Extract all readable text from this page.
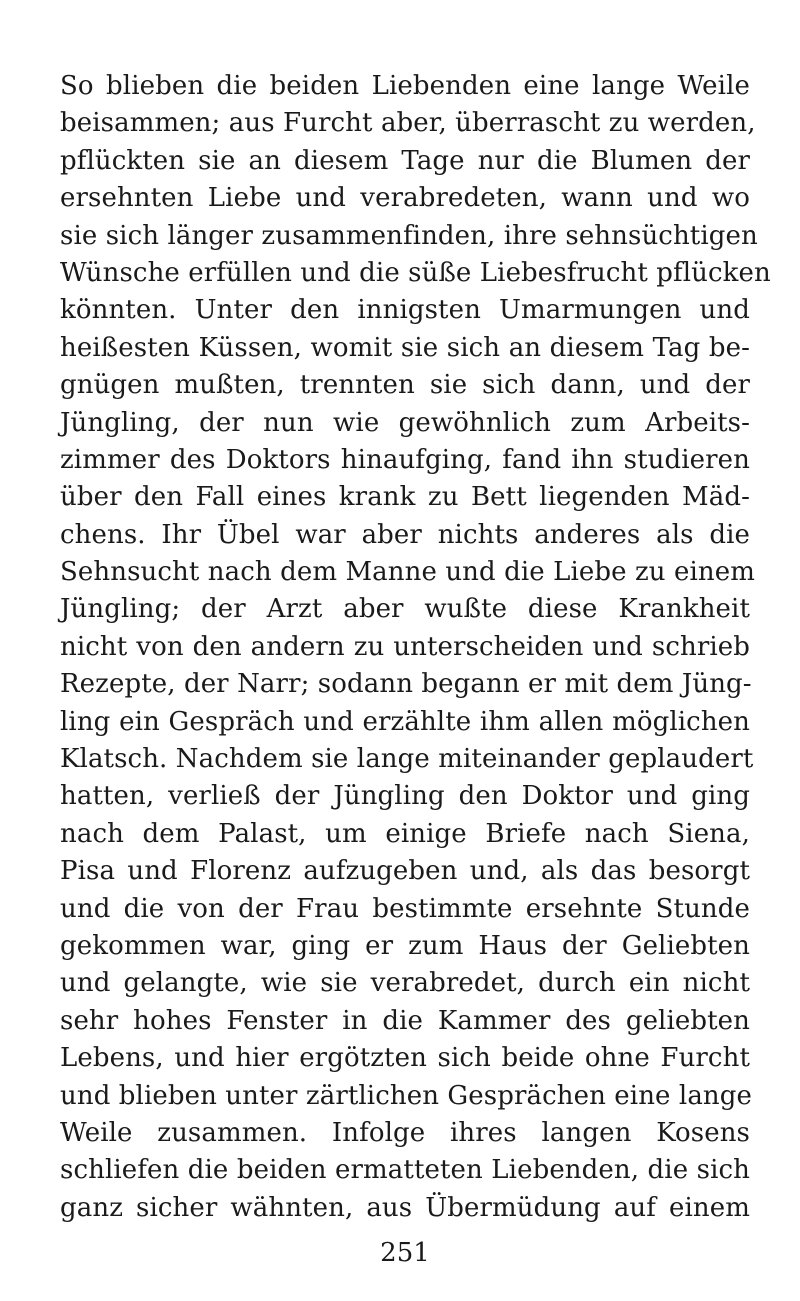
So blieben die beiden Liebenden eine lange Weile
beisammen; aus Furcht aber, überrascht zu werden,
pflückten sie an diesem Tage nur die Blumen der
ersehnten Liebe und verabredeten, wann und wo
sie sich länger zusammenfinden, ihre sehnsüchtigen
Wünsche erfüllen und die süße Liebesfrucht pflücken
könnten. Unter den innigsten Umarmungen und
heißesten Küssen, womit sie sich an diesem Tag be-
gnügen mußten, trennten sie sich dann, und der
Jüngling, der nun wie gewöhnlich zum Arbeits-
zimmer des Doktors hinaufging, fand ihn studieren
über den Fall eines krank zu Bett liegenden Mäd-
chens. Ihr Übel war aber nichts anderes als die
Sehnsucht nach dem Manne und die Liebe zu einem
Jüngling; der Arzt aber wußte diese Krankheit
nicht von den andern zu unterscheiden und schrieb
Rezepte, der Narr; sodann begann er mit dem Jüng-
ling ein Gespräch und erzählte ihm allen möglichen
Klatsch. Nachdem sie lange miteinander geplaudert
hatten, verließ der Jüngling den Doktor und ging
nach dem Palast, um einige Briefe nach Siena,
Pisa und Florenz aufzugeben und, als das besorgt
und die von der Frau bestimmte ersehnte Stunde
gekommen war, ging er zum Haus der Geliebten
und gelangte, wie sie verabredet, durch ein nicht
sehr hohes Fenster in die Kammer des geliebten
Lebens, und hier ergötzten sich beide ohne Furcht
und blieben unter zärtlichen Gesprächen eine lange
Weile zusammen. Infolge ihres langen Kosens
schliefen die beiden ermatteten Liebenden, die sich
ganz sicher wähnten, aus Übermüdung auf einem
251
